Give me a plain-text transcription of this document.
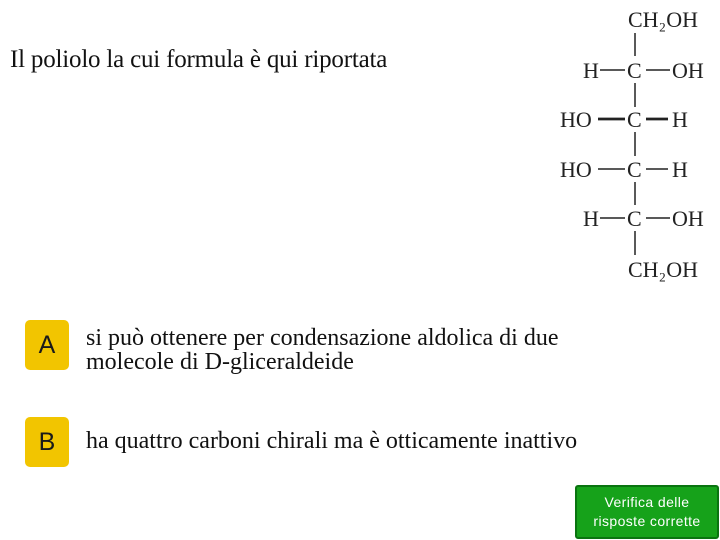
Il poliolo la cui formula è qui riportata
CH₂OH
H C OH
HO C H
HO C H
H C OH
CH₂OH
A	si può ottenere per condensazione aldolica di due
molecole di D-gliceraldeide
B	ha quattro carboni chirali ma è otticamente inattivo
Verifica delle
risposte corrette
